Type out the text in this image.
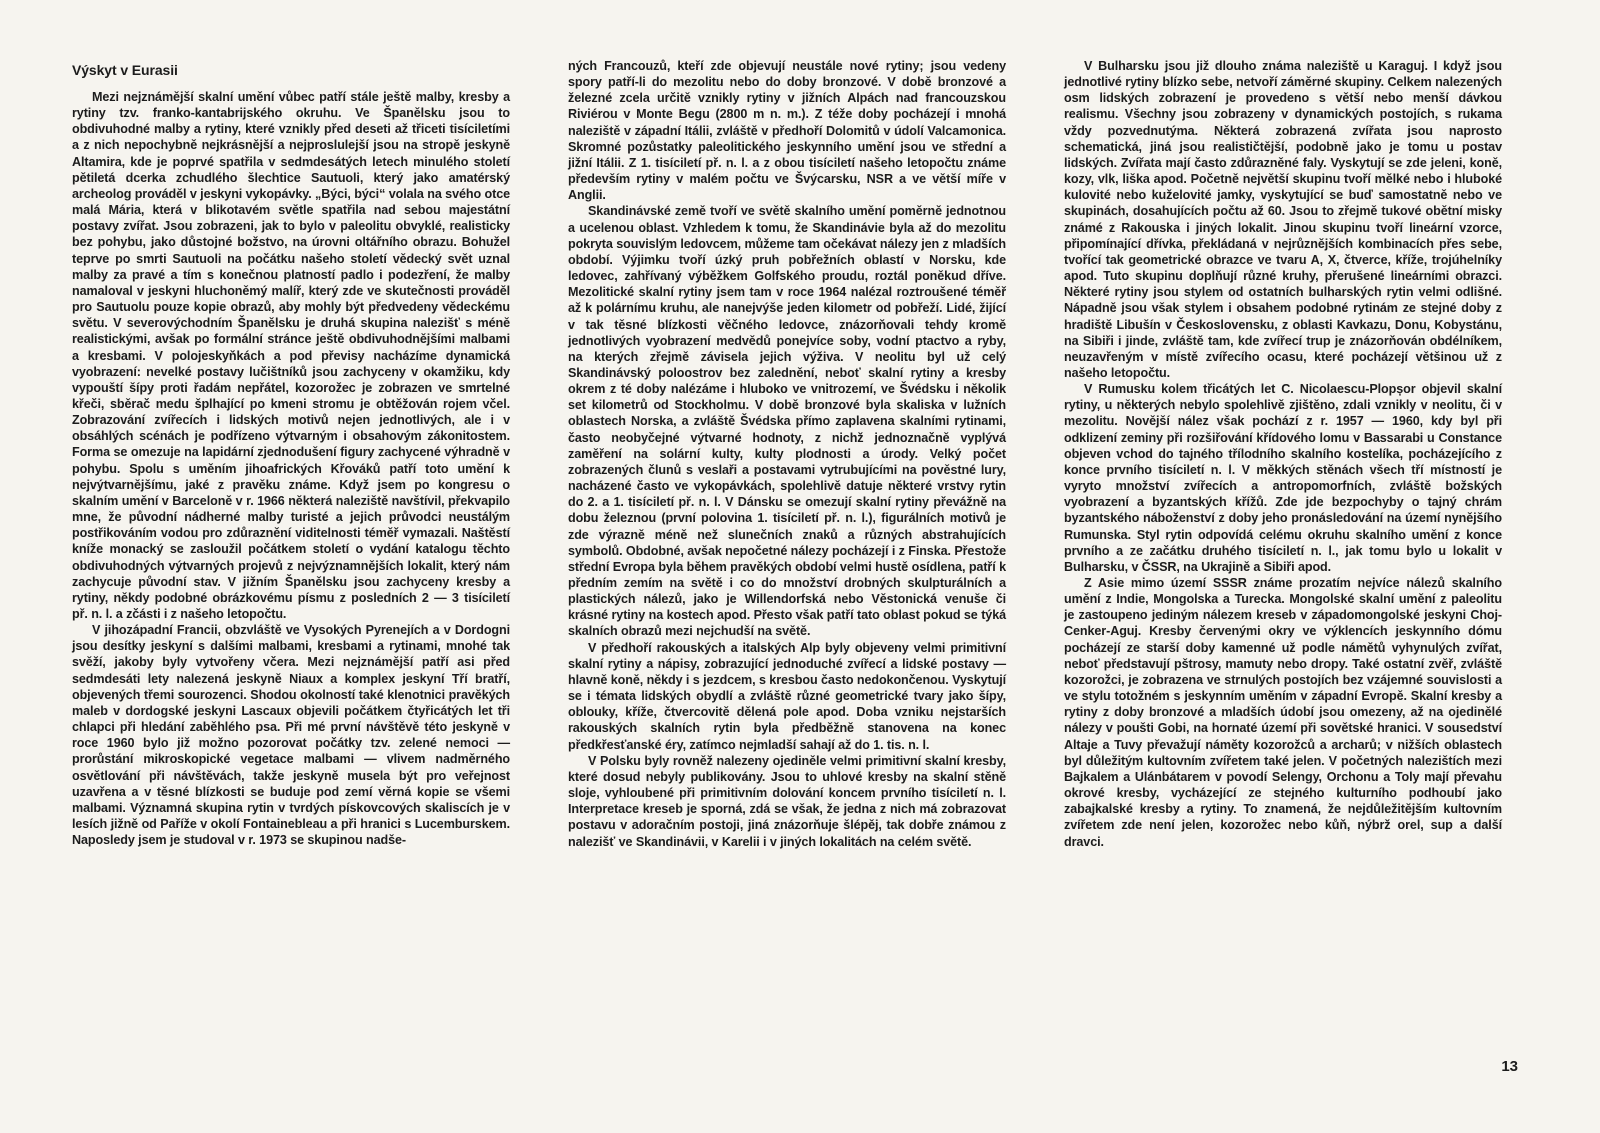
Výskyt v Eurasii

Mezi nejznámější skalní umění vůbec patří stále ještě malby, kresby a rytiny tzv. franko-kantabrijského okruhu. Ve Španělsku jsou to obdivuhodné malby a rytiny, které vznikly před deseti až třiceti tisíciletími a z nich nepochybně nejkrásnější a nejproslulejší jsou na stropě jeskyně Altamira, kde je poprvé spatřila v sedmdesátých letech minulého století pětiletá dcerka zchudlého šlechtice Sautuoli, který jako amatérský archeolog prováděl v jeskyni vykopávky. „Býci, býci“ volala na svého otce malá Mária, která v blikotavém světle spatřila nad sebou majestátní postavy zvířat. Jsou zobrazeni, jak to bylo v paleolitu obvyklé, realisticky bez pohybu, jako důstojné božstvo, na úrovni oltářního obrazu. Bohužel teprve po smrti Sautuoli na počátku našeho století vědecký svět uznal malby za pravé a tím s konečnou platností padlo i podezření, že malby namaloval v jeskyni hluchoněmý malíř, který zde ve skutečnosti prováděl pro Sautuolu pouze kopie obrazů, aby mohly být předvedeny vědeckému světu. V severovýchodním Španělsku je druhá skupina nalezišť s méně realistickými, avšak po formální stránce ještě obdivuhodnějšími malbami a kresbami. V polojeskyňkách a pod převisy nacházíme dynamická vyobrazení: nevelké postavy lučištníků jsou zachyceny v okamžiku, kdy vypouští šípy proti řadám nepřátel, kozorožec je zobrazen ve smrtelné křeči, sběrač medu šplhající po kmeni stromu je obtěžován rojem včel. Zobrazování zvířecích i lidských motivů nejen jednotlivých, ale i v obsáhlých scénách je podřízeno výtvarným i obsahovým zákonitostem. Forma se omezuje na lapidární zjednodušení figury zachycené výhradně v pohybu. Spolu s uměním jihoafrických Křováků patří toto umění k nejvýtvarnějšímu, jaké z pravěku známe. Když jsem po kongresu o skalním umění v Barceloně v r. 1966 některá naleziště navštívil, překvapilo mne, že původní nádherné malby turisté a jejich průvodci neustálým postřikováním vodou pro zdůraznění viditelnosti téměř vymazali. Naštěstí kníže monacký se zasloužil počátkem století o vydání katalogu těchto obdivuhodných výtvarných projevů z nejvýznamnějších lokalit, který nám zachycuje původní stav. V jižním Španělsku jsou zachyceny kresby a rytiny, někdy podobné obrázkovému písmu z posledních 2 — 3 tisíciletí př. n. l. a zčásti i z našeho letopočtu.

V jihozápadní Francii, obzvláště ve Vysokých Pyrenejích a v Dordogni jsou desítky jeskyní s dalšími malbami, kresbami a rytinami, mnohé tak svěží, jakoby byly vytvořeny včera. Mezi nejznámější patří asi před sedmdesáti lety nalezená jeskyně Niaux a komplex jeskyní Tří bratří, objevených třemi sourozenci. Shodou okolností také klenotnici pravěkých maleb v dordogské jeskyni Lascaux objevili počátkem čtyřicátých let tři chlapci při hledání zaběhlého psa. Při mé první návštěvě této jeskyně v roce 1960 bylo již možno pozorovat počátky tzv. zelené nemoci — prorůstání mikroskopické vegetace malbami — vlivem nadměrného osvětlování při návštěvách, takže jeskyně musela být pro veřejnost uzavřena a v těsné blízkosti se buduje pod zemí věrná kopie se všemi malbami. Významná skupina rytin v tvrdých pískovcových skaliscích je v lesích jižně od Paříže v okolí Fontainebleau a při hranici s Lucemburskem. Naposledy jsem je studoval v r. 1973 se skupinou nadše-

ných Francouzů, kteří zde objevují neustále nové rytiny; jsou vedeny spory patří-li do mezolitu nebo do doby bronzové. V době bronzové a železné zcela určitě vznikly rytiny v jižních Alpách nad francouzskou Riviérou v Monte Begu (2800 m n. m.). Z téže doby pocházejí i mnohá naleziště v západní Itálii, zvláště v předhoří Dolomitů v údolí Valcamonica. Skromné pozůstatky paleolitického jeskynního umění jsou ve střední a jižní Itálii. Z 1. tisíciletí př. n. l. a z obou tisíciletí našeho letopočtu známe především rytiny v malém počtu ve Švýcarsku, NSR a ve větší míře v Anglii.

Skandinávské země tvoří ve světě skalního umění poměrně jednotnou a ucelenou oblast. Vzhledem k tomu, že Skandinávie byla až do mezolitu pokryta souvislým ledovcem, můžeme tam očekávat nálezy jen z mladších období. Výjimku tvoří úzký pruh pobřežních oblastí v Norsku, kde ledovec, zahřívaný výběžkem Golfského proudu, roztál poněkud dříve. Mezolitické skalní rytiny jsem tam v roce 1964 nalézal roztroušené téměř až k polárnímu kruhu, ale nanejvýše jeden kilometr od pobřeží. Lidé, žijící v tak těsné blízkosti věčného ledovce, znázorňovali tehdy kromě jednotlivých vyobrazení medvědů ponejvíce soby, vodní ptactvo a ryby, na kterých zřejmě závisela jejich výživa. V neolitu byl už celý Skandinávský poloostrov bez zalednění, neboť skalní rytiny a kresby okrem z té doby nalézáme i hluboko ve vnitrozemí, ve Švédsku i několik set kilometrů od Stockholmu. V době bronzové byla skaliska v lužních oblastech Norska, a zvláště Švédska přímo zaplavena skalními rytinami, často neobyčejné výtvarné hodnoty, z nichž jednoznačně vyplývá zaměření na solární kulty, kulty plodnosti a úrody. Velký počet zobrazených člunů s veslaři a postavami vytrubujícími na pověstné lury, nacházené často ve vykopávkách, spolehlivě datuje některé vrstvy rytin do 2. a 1. tisíciletí př. n. l. V Dánsku se omezují skalní rytiny převážně na dobu železnou (první polovina 1. tisíciletí př. n. l.), figurálních motivů je zde výrazně méně než slunečních znaků a různých abstrahujících symbolů. Obdobné, avšak nepočetné nálezy pocházejí i z Finska. Přestože střední Evropa byla během pravěkých období velmi hustě osídlena, patří k předním zemím na světě i co do množství drobných skulpturálních a plastických nálezů, jako je Willendorfská nebo Věstonická venuše či krásné rytiny na kostech apod. Přesto však patří tato oblast pokud se týká skalních obrazů mezi nejchudší na světě.

V předhoří rakouských a italských Alp byly objeveny velmi primitivní skalní rytiny a nápisy, zobrazující jednoduché zvířecí a lidské postavy — hlavně koně, někdy i s jezdcem, s kresbou často nedokončenou. Vyskytují se i témata lidských obydlí a zvláště různé geometrické tvary jako šípy, oblouky, kříže, čtvercovitě dělená pole apod. Doba vzniku nejstarších rakouských skalních rytin byla předběžně stanovena na konec předkřesťanské éry, zatímco nejmladší sahají až do 1. tis. n. l.

V Polsku byly rovněž nalezeny ojediněle velmi primitivní skalní kresby, které dosud nebyly publikovány. Jsou to uhlové kresby na skalní stěně sloje, vyhloubené při primitivním dolování koncem prvního tisíciletí n. l. Interpretace kreseb je sporná, zdá se však, že jedna z nich má zobrazovat postavu v adoračním postoji, jiná znázorňuje šlépěj, tak dobře známou z nalezišť ve Skandinávii, v Karelii i v jiných lokalitách na celém světě.

V Bulharsku jsou již dlouho známa naleziště u Karaguj. I když jsou jednotlivé rytiny blízko sebe, netvoří záměrné skupiny. Celkem nalezených osm lidských zobrazení je provedeno s větší nebo menší dávkou realismu. Všechny jsou zobrazeny v dynamických postojích, s rukama vždy pozvednutýma. Některá zobrazená zvířata jsou naprosto schematická, jiná jsou realističtější, podobně jako je tomu u postav lidských. Zvířata mají často zdůrazněné faly. Vyskytují se zde jeleni, koně, kozy, vlk, liška apod. Početně největší skupinu tvoří mělké nebo i hluboké kulovité nebo kuželovité jamky, vyskytující se buď samostatně nebo ve skupinách, dosahujících počtu až 60. Jsou to zřejmě tukové obětní misky známé z Rakouska i jiných lokalit. Jinou skupinu tvoří lineární vzorce, připomínající dřívka, překládaná v nejrůznějších kombinacích přes sebe, tvořící tak geometrické obrazce ve tvaru A, X, čtverce, kříže, trojúhelníky apod. Tuto skupinu doplňují různé kruhy, přerušené lineárními obrazci. Některé rytiny jsou stylem od ostatních bulharských rytin velmi odlišné. Nápadně jsou však stylem i obsahem podobné rytinám ze stejné doby z hradiště Libušín v Československu, z oblasti Kavkazu, Donu, Kobystánu, na Sibiři i jinde, zvláště tam, kde zvířecí trup je znázorňován obdélníkem, neuzavřeným v místě zvířecího ocasu, které pocházejí většinou už z našeho letopočtu.

V Rumusku kolem třicátých let C. Nicolaescu-Plopșor objevil skalní rytiny, u některých nebylo spolehlivě zjištěno, zdali vznikly v neolitu, či v mezolitu. Novější nález však pochází z r. 1957 — 1960, kdy byl při odklizení zeminy při rozšiřování křídového lomu v Bassarabi u Constance objeven vchod do tajného třílodního skalního kostelíka, pocházejícího z konce prvního tisíciletí n. l. V měkkých stěnách všech tří místností je vyryto množství zvířecích a antropomorfních, zvláště božských vyobrazení a byzantských křížů. Zde jde bezpochyby o tajný chrám byzantského náboženství z doby jeho pronásledování na území nynějšího Rumunska. Styl rytin odpovídá celému okruhu skalního umění z konce prvního a ze začátku druhého tisíciletí n. l., jak tomu bylo u lokalit v Bulharsku, v ČSSR, na Ukrajině a Sibiři apod.

Z Asie mimo území SSSR známe prozatím nejvíce nálezů skalního umění z Indie, Mongolska a Turecka. Mongolské skalní umění z paleolitu je zastoupeno jediným nálezem kreseb v západomongolské jeskyni Choj-Cenker-Aguj. Kresby červenými okry ve výklencích jeskynního dómu pocházejí ze starší doby kamenné už podle námětů vyhynulých zvířat, neboť představují pštrosy, mamuty nebo dropy. Také ostatní zvěř, zvláště kozorožci, je zobrazena ve strnulých postojích bez vzájemné souvislosti a ve stylu totožném s jeskynním uměním v západní Evropě. Skalní kresby a rytiny z doby bronzové a mladších údobí jsou omezeny, až na ojedinělé nálezy v poušti Gobi, na hornaté území při sovětské hranici. V sousedství Altaje a Tuvy převažují náměty kozorožců a archarů; v nižších oblastech byl důležitým kultovním zvířetem také jelen. V početných nalezištích mezi Bajkalem a Ulánbátarem v povodí Selengy, Orchonu a Toly mají převahu okrové kresby, vycházející ze stejného kulturního podhoubí jako zabajkalské kresby a rytiny. To znamená, že nejdůležitějším kultovním zvířetem zde není jelen, kozorožec nebo kůň, nýbrž orel, sup a další dravci.

13
